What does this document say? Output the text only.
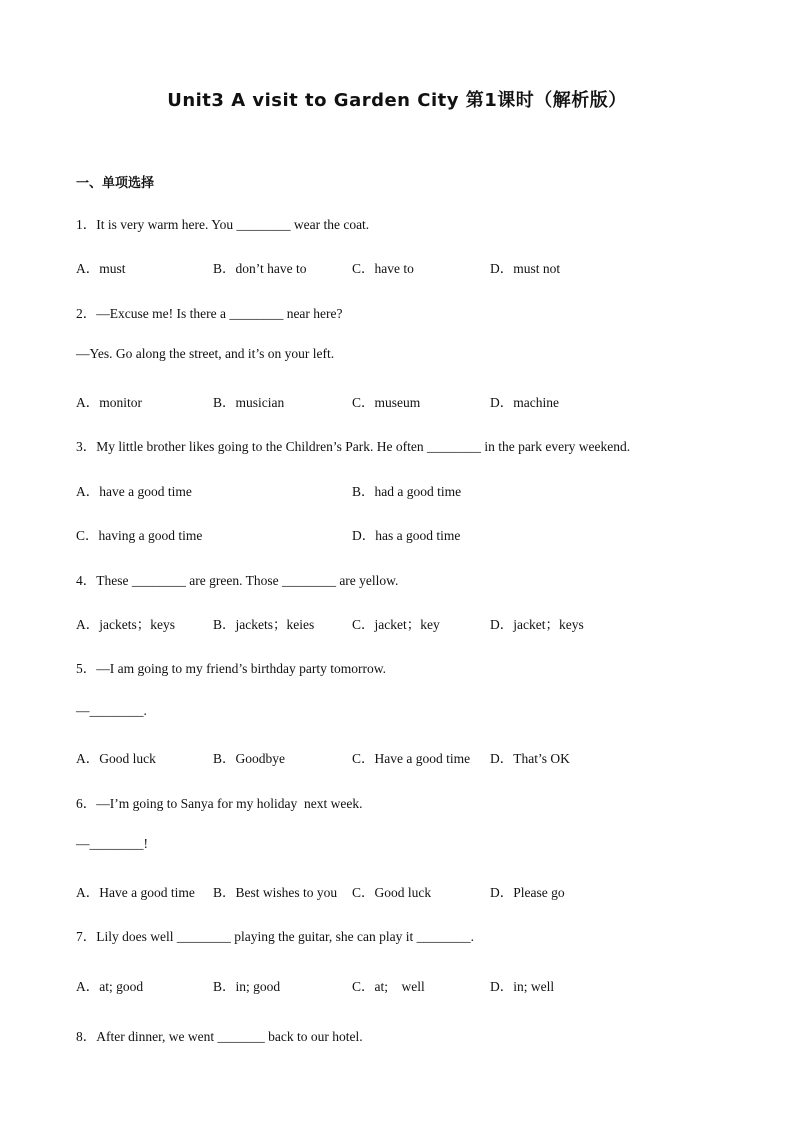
Unit3 A visit to Garden City 第1课时（解析版）
一、单项选择
1．It is very warm here. You ________ wear the coat.
A．must	B．don’t have to	C．have to	D．must not
2．—Excuse me! Is there a ________ near here?
—Yes. Go along the street, and it’s on your left.
A．monitor	B．musician	C．museum	D．machine
3．My little brother likes going to the Children’s Park. He often ________ in the park every weekend.
A．have a good time	B．had a good time
C．having a good time	D．has a good time
4．These ________ are green. Those ________ are yellow.
A．jackets；keys	B．jackets；keies	C．jacket；key	D．jacket；keys
5．—I am going to my friend’s birthday party tomorrow.
—________.
A．Good luck	B．Goodbye	C．Have a good time D．That’s OK
6．—I’m going to Sanya for my holiday  next week.
—________!
A．Have a good time B．Best wishes to you C．Good luck	D．Please go
7．Lily does well ________ playing the guitar, she can play it ________.
A．at; good	B．in; good	C．at;    well	D．in; well
8．After dinner, we went _______ back to our hotel.
